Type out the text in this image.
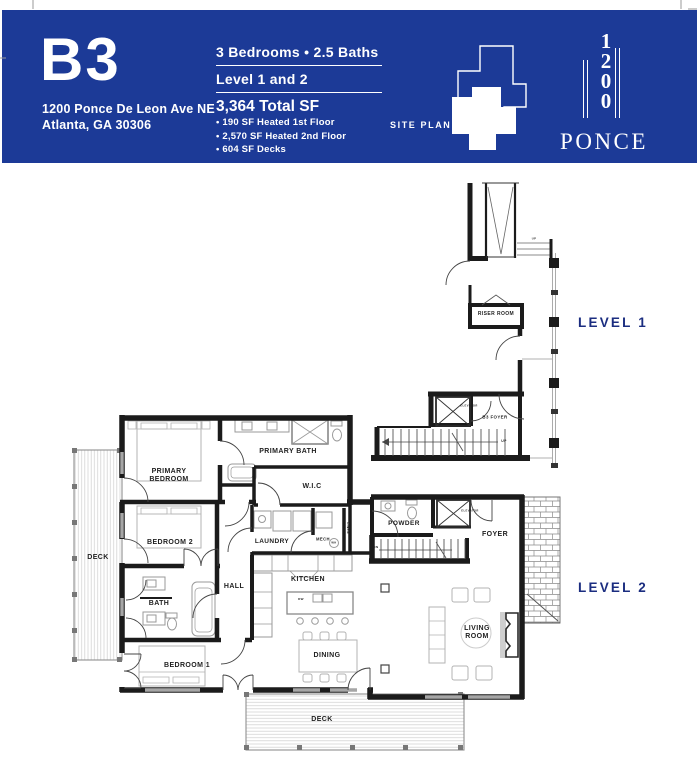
B3
1200 Ponce De Leon Ave NE
Atlanta, GA 30306
3 Bedrooms • 2.5 Baths
Level 1 and 2
3,364 Total SF
• 190 SF Heated 1st Floor
• 2,570 SF Heated 2nd Floor
• 604 SF Decks
SITE PLAN
1
2
0
0
PONCE
RISER ROOM
ELEVATOR
B3 FOYER
UP
UP
LEVEL 1
PRIMARY BEDROOM
PRIMARY BATH
W.I.C
DECK
BEDROOM 2	LAUNDRY	MECH
LINEN	POWDER
ELEVATOR
FOYER
DN
BATH
HALL
KITCHEN
BEDROOM 1
DINING
LIVING ROOM
DECK
DW
WH
LEVEL 2
